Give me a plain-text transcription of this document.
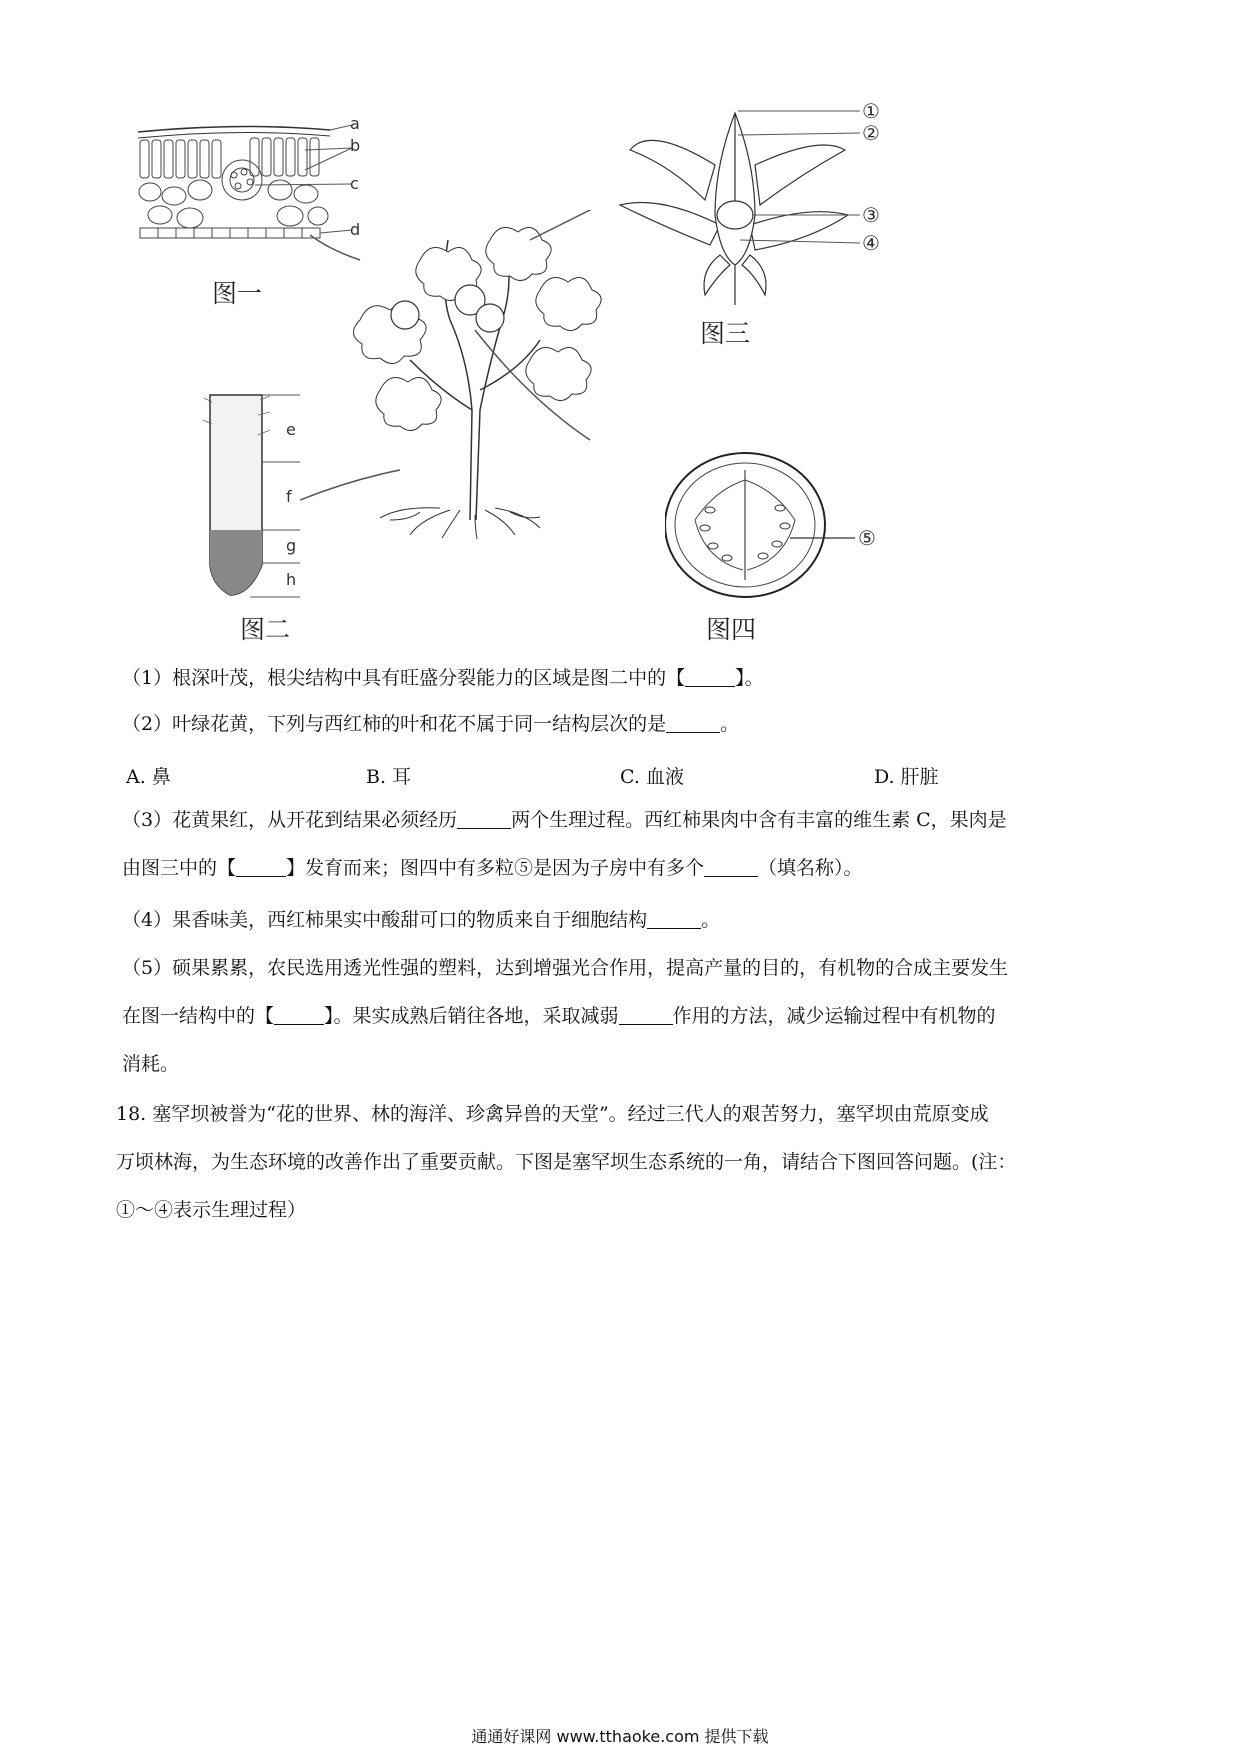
a
b
c
d
图一
e
f
g
h
图二
①
②
③
④
图三
⑤
图四
（1）根深叶茂，根尖结构中具有旺盛分裂能力的区域是图二中的【	】。
（2）叶绿花黄，下列与西红柿的叶和花不属于同一结构层次的是	。
A. 鼻	B. 耳	C. 血液	D. 肝脏
（3）花黄果红，从开花到结果必须经历	两个生理过程。西红柿果肉中含有丰富的维生素 C，果肉是
由图三中的【	】发育而来；图四中有多粒⑤是因为子房中有多个	（填名称）。
（4）果香味美，西红柿果实中酸甜可口的物质来自于细胞结构	。
（5）硕果累累，农民选用透光性强的塑料，达到增强光合作用，提高产量的目的，有机物的合成主要发生
在图一结构中的【	】。果实成熟后销往各地，采取减弱	作用的方法，减少运输过程中有机物的
消耗。
18. 塞罕坝被誉为“花的世界、林的海洋、珍禽异兽的天堂”。经过三代人的艰苦努力，塞罕坝由荒原变成
万顷林海，为生态环境的改善作出了重要贡献。下图是塞罕坝生态系统的一角，请结合下图回答问题。(注：
①～④表示生理过程）
通通好课网 www.tthaoke.com 提供下载
